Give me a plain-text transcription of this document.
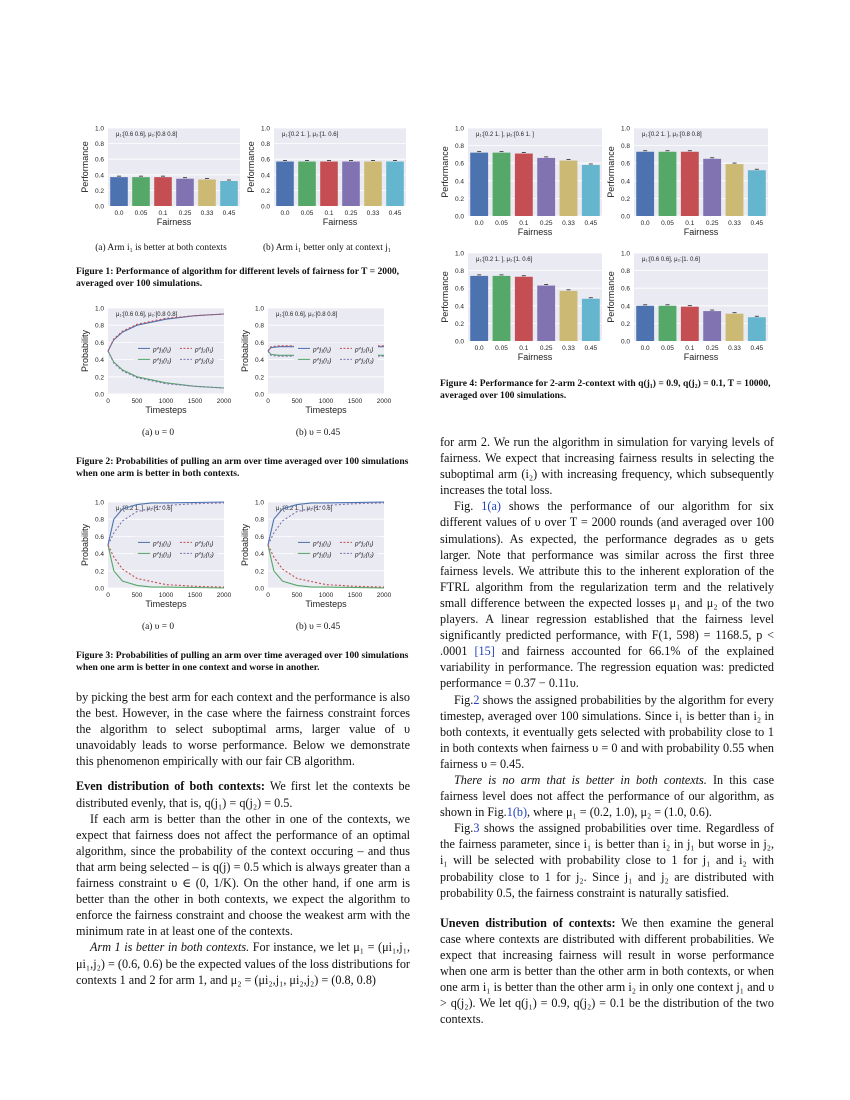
0.0
0.2
0.4
0.6
0.8
1.0
μ₁:[0.6 0.6], μ₂:[0.8 0.8]
Performance
0.0 0.05 0.1 0.25 0.33 0.45
Fairness
0.0
0.2
0.4
0.6
0.8
1.0
μ₁:[0.2 1. ], μ₂:[1. 0.6]
Performance
0.0 0.05 0.1 0.25 0.33 0.45
Fairness
(a) Arm i₁ is better at both contexts	(b) Arm i₁ better only at context j₁
Figure 1: Performance of algorithm for different levels of fairness for T = 2000, averaged over 100 simulations.
0.0
0.2
0.4
0.6
0.8
1.0
μ₁:[0.6 0.6], μ₂:[0.8 0.8]
Probability
0	500	1000 1500 2000
Timesteps
p^j₁(i₁)
p^j₁(i₂)
p^j₂(i₁)
p^j₂(i₂)
0.0
0.2
0.4
0.6
0.8
1.0
μ₁:[0.6 0.6], μ₂:[0.8 0.8]
Probability
0	500	1000 1500 2000
Timesteps
p^j₁(i₁)
p^j₁(i₂)
p^j₂(i₁)
p^j₂(i₂)
(a) υ = 0	(b) υ = 0.45
Figure 2: Probabilities of pulling an arm over time averaged over 100 simulations when one arm is better in both contexts.
0.0
0.2
0.4
0.6
0.8
1.0
μ₁:[0.2 1. ], μ₂:[1. 0.6]
Probability
0	500	1000 1500 2000
Timesteps
p^j₁(i₁)
p^j₁(i₂)
p^j₂(i₁)
p^j₂(i₂)
0.0
0.2
0.4
0.6
0.8
1.0
μ₁:[0.2 1. ], μ₂:[1. 0.6]
Probability
0	500	1000 1500 2000
Timesteps
p^j₁(i₁)
p^j₁(i₂)
p^j₂(i₁)
p^j₂(i₂)
(a) υ = 0	(b) υ = 0.45
Figure 3: Probabilities of pulling an arm over time averaged over 100 simulations when one arm is better in one context and worse in another.
0.0
0.2
0.4
0.6
0.8
1.0
μ₁:[0.2 1. ], μ₂:[0.6 1. ]
Performance
0.0 0.05 0.1 0.25 0.33 0.45
Fairness
0.0
0.2
0.4
0.6
0.8
1.0
μ₁:[0.2 1. ], μ₂:[0.8 0.8]
Performance
0.0 0.05 0.1 0.25 0.33 0.45
Fairness
0.0
0.2
0.4
0.6
0.8
1.0
μ₁:[0.2 1. ], μ₂:[1. 0.6]
Performance
0.0 0.05 0.1 0.25 0.33 0.45
Fairness
0.0
0.2
0.4
0.6
0.8
1.0
μ₁:[0.6 0.6], μ₂:[1. 0.6]
Performance
0.0 0.05 0.1 0.25 0.33 0.45
Fairness
Figure 4: Performance for 2-arm 2-context with q(j₁) = 0.9, q(j₂) = 0.1, T = 10000, averaged over 100 simulations.

by picking the best arm for each context and the performance is also the best. However, in the case where the fairness constraint forces the algorithm to select suboptimal arms, larger value of υ unavoidably leads to worse performance. Below we demonstrate this phenomenon empirically with our fair CB algorithm.

Even distribution of both contexts: We first let the contexts be distributed evenly, that is, q(j₁) = q(j₂) = 0.5.

If each arm is better than the other in one of the contexts, we expect that fairness does not affect the performance of an optimal algorithm, since the probability of the context occuring – and thus that arm being selected – is q(j) = 0.5 which is always greater than a fairness constraint υ ∈ (0, 1/K). On the other hand, if one arm is better than the other in both contexts, we expect the algorithm to enforce the fairness constraint and choose the weakest arm with the minimum rate in at least one of the contexts.

Arm 1 is better in both contexts. For instance, we let μ₁ = (μi₁,j₁, μi₁,j₂) = (0.6, 0.6) be the expected values of the loss distributions for contexts 1 and 2 for arm 1, and μ₂ = (μi₂,j₁, μi₂,j₂) = (0.8, 0.8)

for arm 2. We run the algorithm in simulation for varying levels of fairness. We expect that increasing fairness results in selecting the suboptimal arm (i₂) with increasing frequency, which subsequently increases the total loss.

Fig. 1(a) shows the performance of our algorithm for six different values of υ over T = 2000 rounds (and averaged over 100 simulations). As expected, the performance degrades as υ gets larger. Note that performance was similar across the first three fairness levels. We attribute this to the inherent exploration of the FTRL algorithm from the regularization term and the relatively small difference between the expected losses μ₁ and μ₂ of the two players. A linear regression established that the fairness level significantly predicted performance, with F(1, 598) = 1168.5, p < .0001 [15] and fairness accounted for 66.1% of the explained variability in performance. The regression equation was: predicted performance = 0.37 − 0.11υ.

Fig.2 shows the assigned probabilities by the algorithm for every timestep, averaged over 100 simulations. Since i₁ is better than i₂ in both contexts, it eventually gets selected with probability close to 1 in both contexts when fairness υ = 0 and with probability 0.55 when fairness υ = 0.45.

There is no arm that is better in both contexts. In this case fairness level does not affect the performance of our algorithm, as shown in Fig.1(b), where μ₁ = (0.2, 1.0), μ₂ = (1.0, 0.6).

Fig.3 shows the assigned probabilities over time. Regardless of the fairness parameter, since i₁ is better than i₂ in j₁ but worse in j₂, i₁ will be selected with probability close to 1 for j₁ and i₂ with probability close to 1 for j₂. Since j₁ and j₂ are distributed with probability 0.5, the fairness constraint is naturally satisfied.

Uneven distribution of contexts: We then examine the general case where contexts are distributed with different probabilities. We expect that increasing fairness will result in worse performance when one arm is better than the other arm in both contexts, or when one arm i₁ is better than the other arm i₂ in only one context j₁ and υ > q(j₂). We let q(j₁) = 0.9, q(j₂) = 0.1 be the distribution of the two contexts.
